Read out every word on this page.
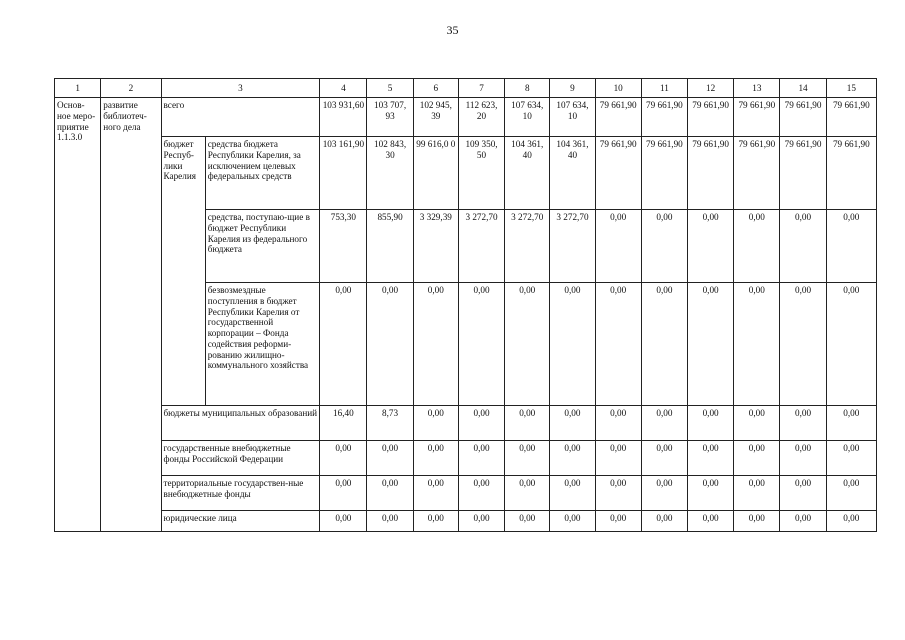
35
1	2	3		4	5	6	7	8	9	10	11	12	13	14	15
Основ-ное меро-приятие 1.1.3.0	развитие библиотеч-ного дела	всего		103 931,60	103 707, 93	102 945, 39	112 623, 20	107 634, 10	107 634, 10	79 661,90	79 661,90	79 661,90	79 661,90	79 661,90	79 661,90
		бюджет Респуб-лики Карелия	средства бюджета Республики Карелия, за исключением целевых федеральных средств	103 161,90	102 843, 30	99 616,0 0	109 350, 50	104 361, 40	104 361, 40	79 661,90	79 661,90	79 661,90	79 661,90	79 661,90	79 661,90
			средства, поступаю-щие в бюджет Республики Карелия из федерального бюджета	753,30	855,90	3 329,39	3 272,70	3 272,70	3 272,70	0,00	0,00	0,00	0,00	0,00	0,00
			безвозмездные поступления в бюджет Республики Карелия от государственной корпорации – Фонда содействия реформи-рованию жилищно-коммунального хозяйства	0,00	0,00	0,00	0,00	0,00	0,00	0,00	0,00	0,00	0,00	0,00	0,00
		бюджеты муниципальных образований		16,40	8,73	0,00	0,00	0,00	0,00	0,00	0,00	0,00	0,00	0,00	0,00
		государственные внебюджетные фонды Российской Федерации		0,00	0,00	0,00	0,00	0,00	0,00	0,00	0,00	0,00	0,00	0,00	0,00
		территориальные государствен-ные внебюджетные фонды		0,00	0,00	0,00	0,00	0,00	0,00	0,00	0,00	0,00	0,00	0,00	0,00
		юридические лица		0,00	0,00	0,00	0,00	0,00	0,00	0,00	0,00	0,00	0,00	0,00	0,00
